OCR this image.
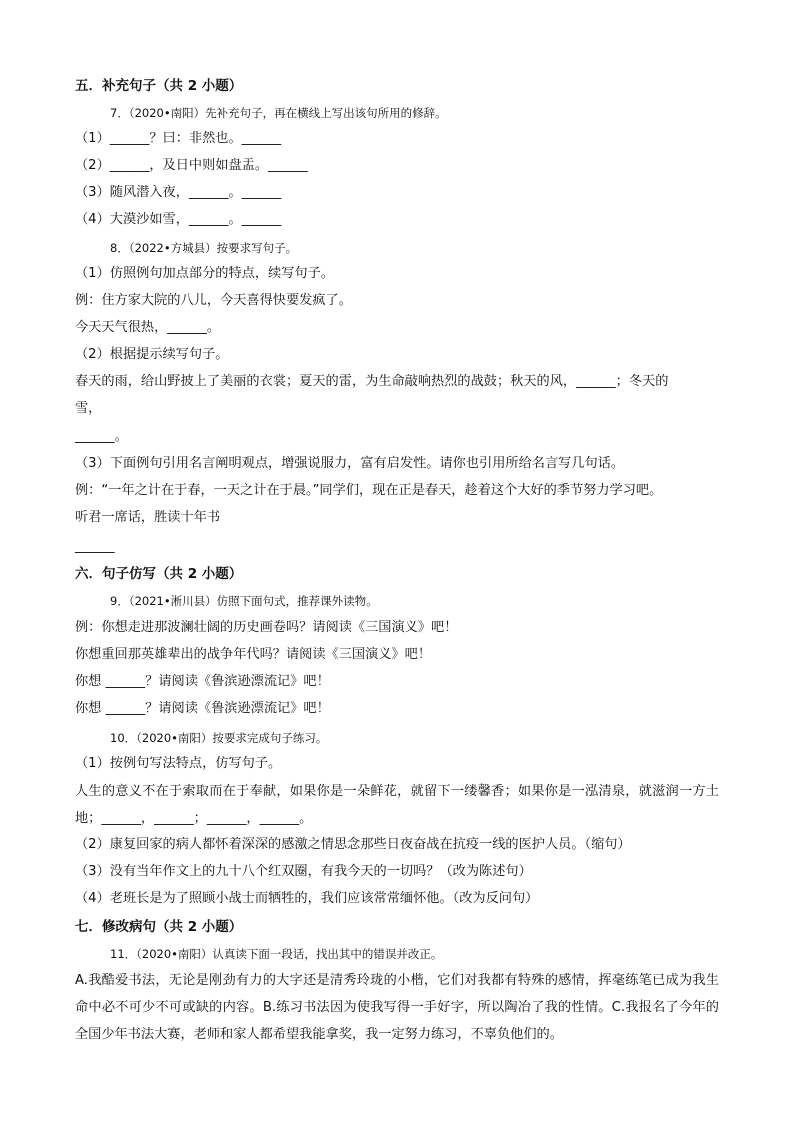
五．补充句子（共 2 小题）
7．（2020•南阳）先补充句子，再在横线上写出该句所用的修辞。
（1）______？曰：非然也。______
（2）______，及日中则如盘盂。______
（3）随风潜入夜，______。______
（4）大漠沙如雪，______。______
8．（2022•方城县）按要求写句子。
（1）仿照例句加点部分的特点，续写句子。
例：住方家大院的八儿，今天喜得快要发疯了。
今天天气很热，______。
（2）根据提示续写句子。
春天的雨，给山野披上了美丽的衣裳；夏天的雷，为生命敲响热烈的战鼓；秋天的风，______；冬天的
雪，
______。
（3）下面例句引用名言阐明观点，增强说服力，富有启发性。请你也引用所给名言写几句话。
例：“一年之计在于春，一天之计在于晨。”同学们，现在正是春天，趁着这个大好的季节努力学习吧。
听君一席话，胜读十年书
______
六．句子仿写（共 2 小题）
9．（2021•淅川县）仿照下面句式，推荐课外读物。
例：你想走进那波澜壮阔的历史画卷吗？请阅读《三国演义》吧！
你想重回那英雄辈出的战争年代吗？请阅读《三国演义》吧！
你想 ______？请阅读《鲁滨逊漂流记》吧！
你想 ______？请阅读《鲁滨逊漂流记》吧！
10．（2020•南阳）按要求完成句子练习。
（1）按例句写法特点，仿写句子。
人生的意义不在于索取而在于奉献，如果你是一朵鲜花，就留下一缕馨香；如果你是一泓清泉，就滋润一方土地；______，______；______，______。
（2）康复回家的病人都怀着深深的感激之情思念那些日夜奋战在抗疫一线的医护人员。（缩句）
（3）没有当年作文上的九十八个红双圈，有我今天的一切吗？（改为陈述句）
（4）老班长是为了照顾小战士而牺牲的，我们应该常常缅怀他。（改为反问句）
七．修改病句（共 2 小题）
11．（2020•南阳）认真读下面一段话，找出其中的错误并改正。
A.我酷爱书法，无论是刚劲有力的大字还是清秀玲珑的小楷，它们对我都有特殊的感情，挥毫练笔已成为我生命中必不可少不可或缺的内容。B.练习书法因为使我写得一手好字，所以陶冶了我的性情。C.我报名了今年的全国少年书法大赛，老师和家人都希望我能拿奖，我一定努力练习，不辜负他们的。
